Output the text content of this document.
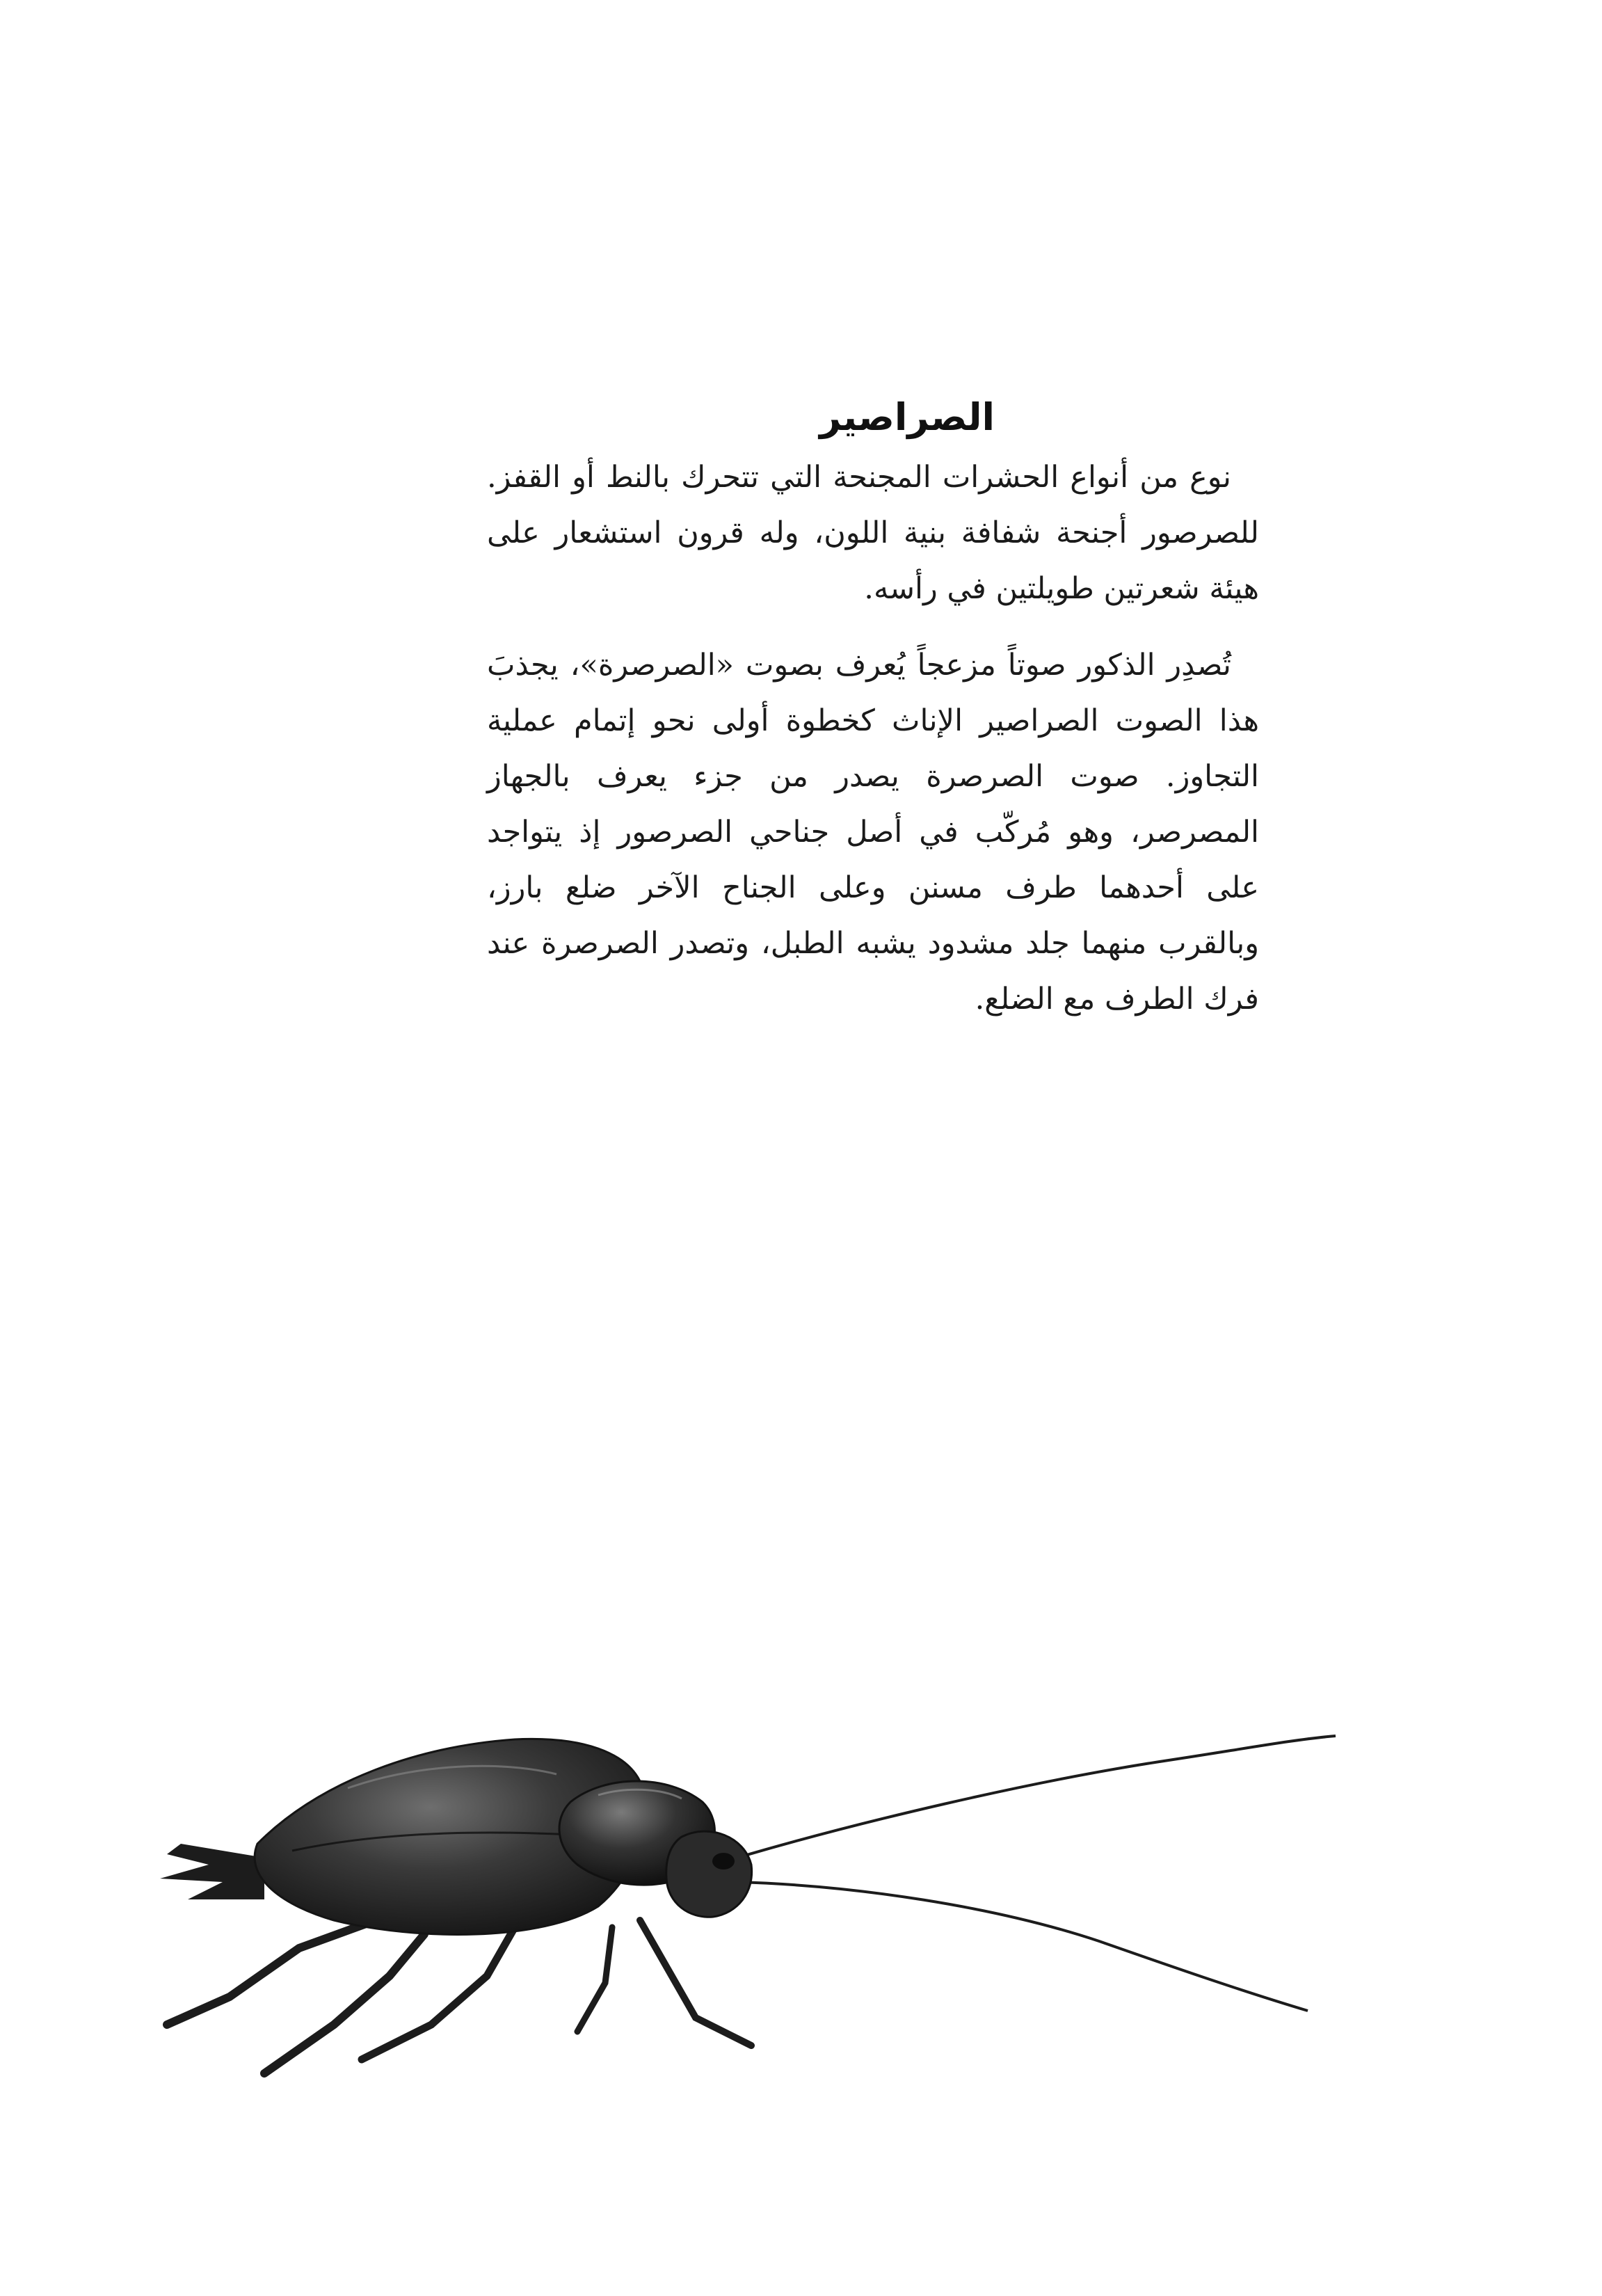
الصراصير

نوع من أنواع الحشرات المجنحة التي تتحرك بالنط أو القفز. للصرصور أجنحة شفافة بنية اللون، وله قرون استشعار على هيئة شعرتين طويلتين في رأسه.

تُصدِر الذكور صوتاً مزعجاً يُعرف بصوت «الصرصرة»، يجذبَ هذا الصوت الصراصير الإناث كخطوة أولى نحو إتمام عملية التجاوز. صوت الصرصرة يصدر من جزء يعرف بالجهاز المصرصر، وهو مُركّب في أصل جناحي الصرصور إذ يتواجد على أحدهما طرف مسنن وعلى الجناح الآخر ضلع بارز، وبالقرب منهما جلد مشدود يشبه الطبل، وتصدر الصرصرة عند فرك الطرف مع الضلع.
